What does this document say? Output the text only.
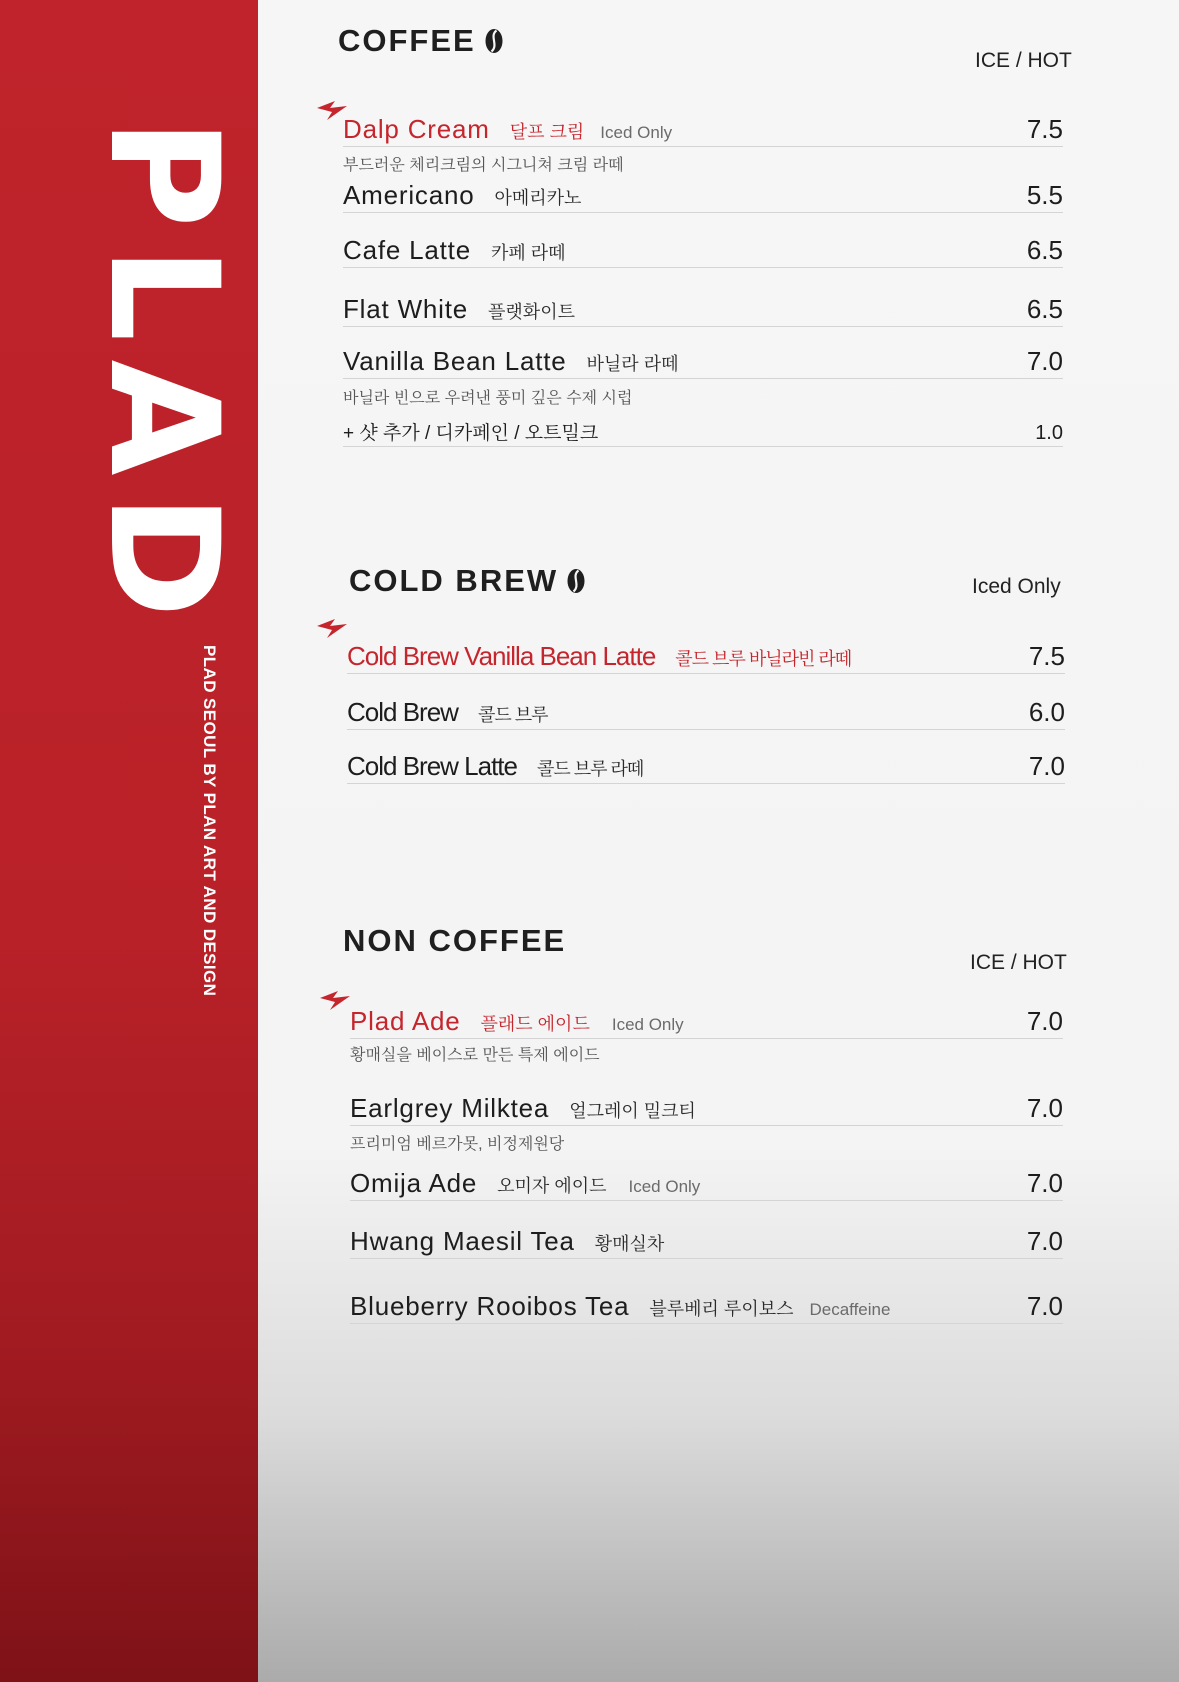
PLAD
PLAD SEOUL BY PLAN ART AND DESIGN
COFFEE
ICE / HOT
Dalp Cream 달프 크림 Iced Only	7.5
부드러운 체리크림의 시그니쳐 크림 라떼
Americano 아메리카노	5.5
Cafe Latte 카페 라떼	6.5
Flat White 플랫화이트	6.5
Vanilla Bean Latte 바닐라 라떼	7.0
바닐라 빈으로 우려낸 풍미 깊은 수제 시럽
+ 샷 추가 / 디카페인 / 오트밀크	1.0
COLD BREW	Iced Only
Cold Brew Vanilla Bean Latte 콜드 브루 바닐라빈 라떼	7.5
Cold Brew 콜드 브루	6.0
Cold Brew Latte 콜드 브루 라떼	7.0
NON COFFEE
ICE / HOT
Plad Ade 플래드 에이드 Iced Only	7.0
황매실을 베이스로 만든 특제 에이드
Earlgrey Milktea 얼그레이 밀크티	7.0
프리미엄 베르가못, 비정제원당
Omija Ade 오미자 에이드 Iced Only	7.0
Hwang Maesil Tea 황매실차	7.0
Blueberry Rooibos Tea 블루베리 루이보스 Decaffeine	7.0
